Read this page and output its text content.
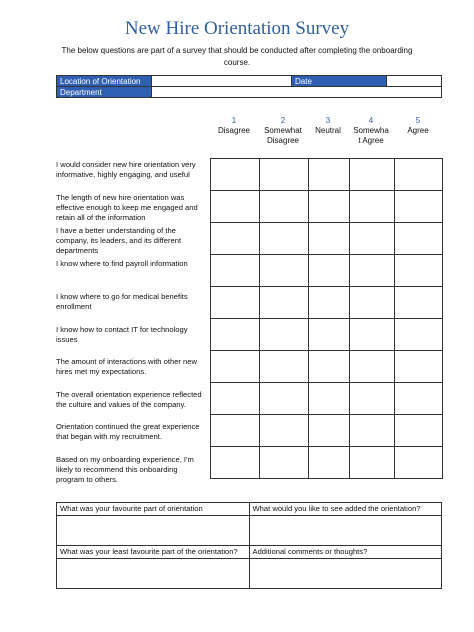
New Hire Orientation Survey
The below questions are part of a survey that should be conducted after completing the onboarding course.
Location of Orientation		Date	
Department			
1
Disagree
2
Somewhat Disagree
3
Neutral
4
Somewha t Agree
5
Agree
I would consider new hire orientation very informative, highly engaging, and useful
The length of new hire orientation was effective enough to keep me engaged and retain all of the information
I have a better understanding of the company, its leaders, and its different departments
I know where to find payroll information
I know where to go for medical benefits enrollment
I know how to contact IT for technology issues
The amount of interactions with other new hires met my expectations.
The overall orientation experience reflected the culture and values of the company.
Orientation continued the great experience that began with my recruitment.
Based on my onboarding experience, I'm likely to recommend this onboarding program to others.

What was your favourite part of orientation	What would you like to see added the orientation?

What was your least favourite part of the orientation?	Additional comments or thoughts?
